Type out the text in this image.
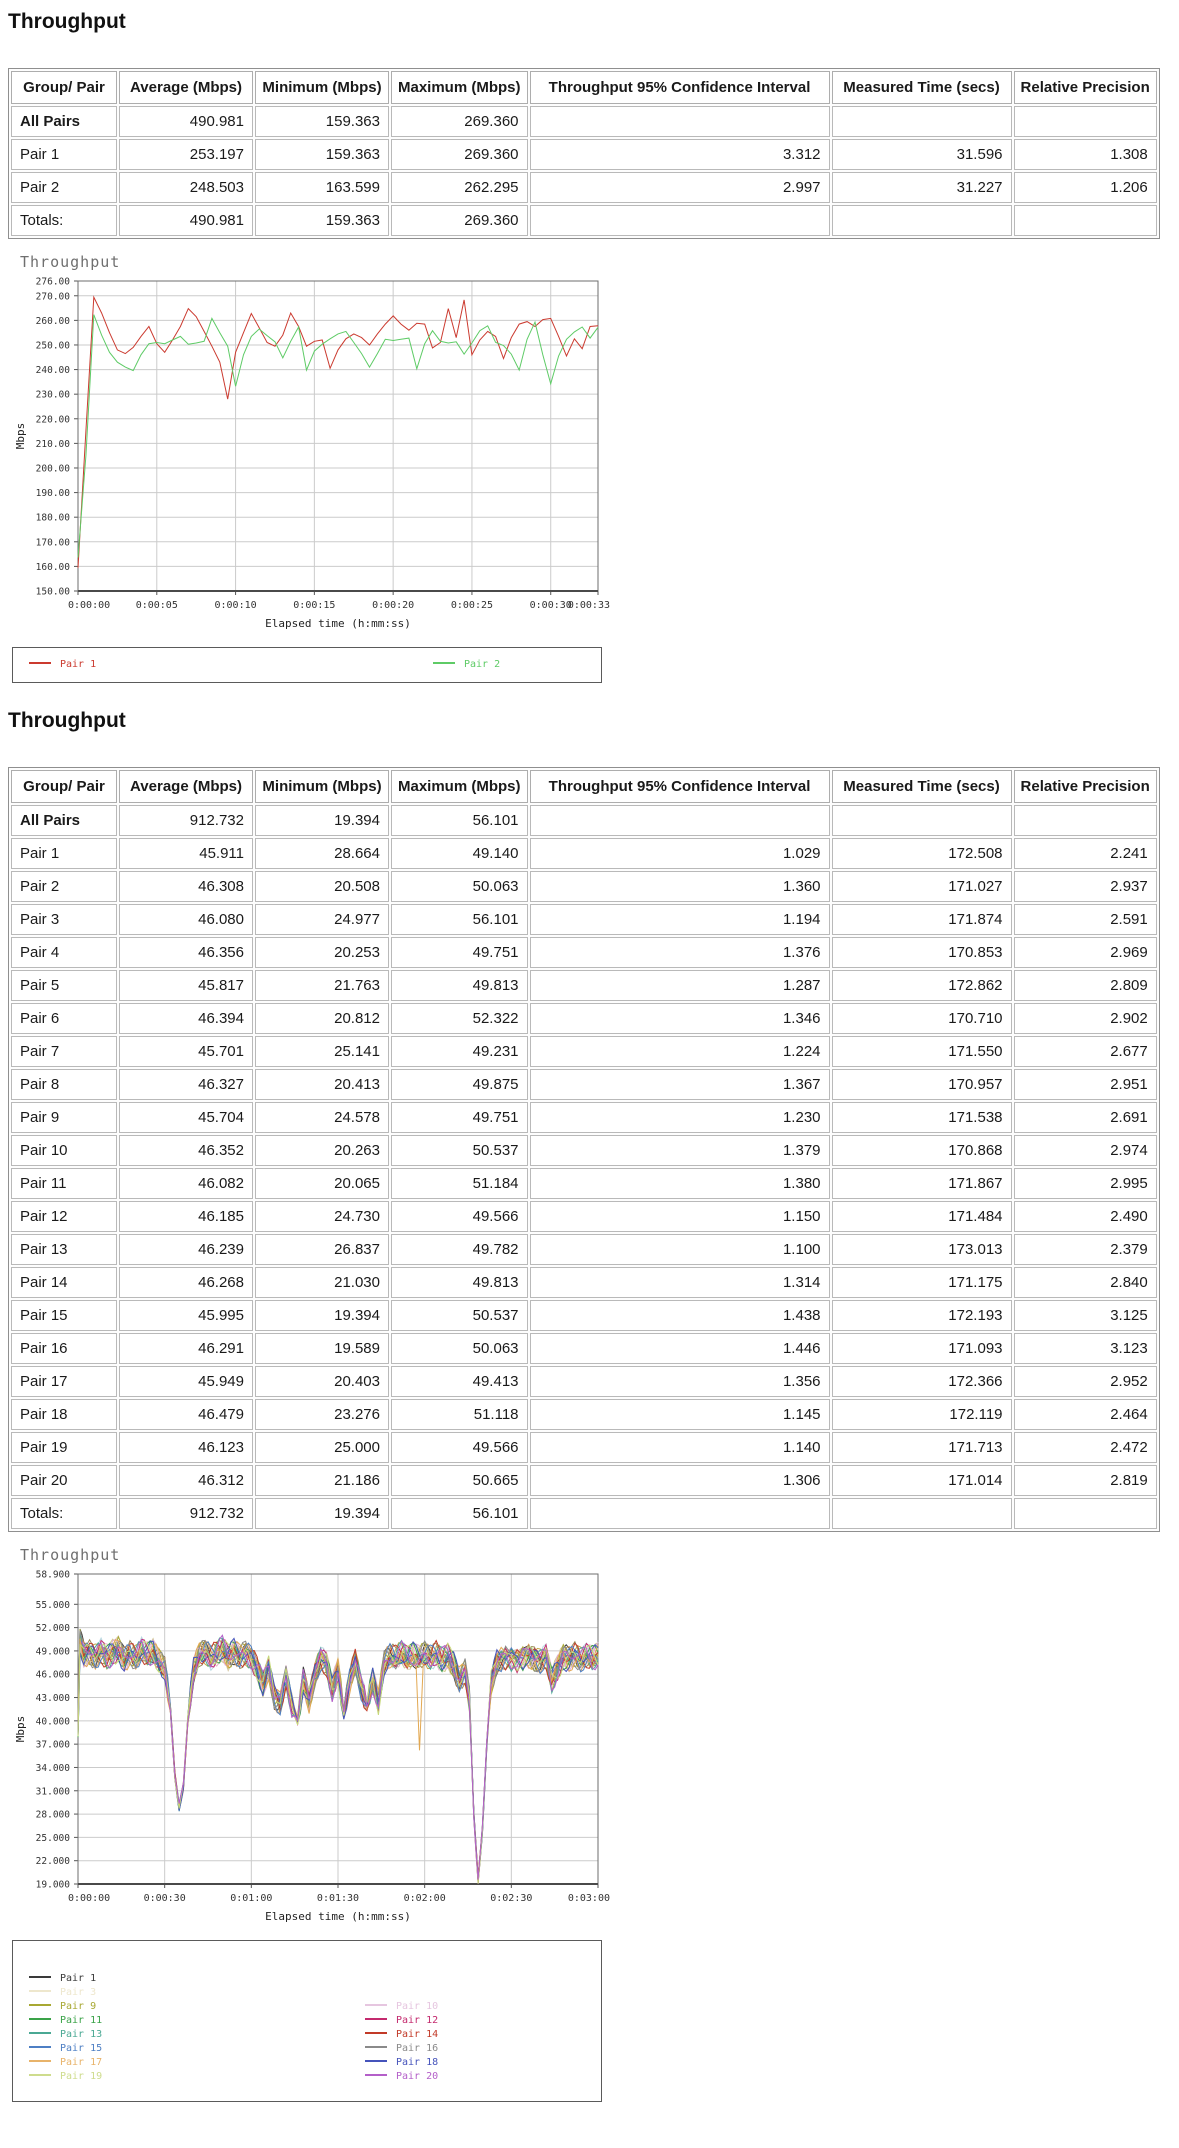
Throughput
Group/ Pair	Average (Mbps)	Minimum (Mbps)	Maximum (Mbps)	Throughput 95% Confidence Interval	Measured Time (secs)	Relative Precision
All Pairs	490.981	159.363	269.360			
Pair 1	253.197	159.363	269.360	3.312	31.596	1.308
Pair 2	248.503	163.599	262.295	2.997	31.227	1.206
Totals:	490.981	159.363	269.360			
Throughput
276.00
270.00
260.00
250.00
240.00
230.00
220.00
210.00
200.00
190.00
180.00
170.00
160.00
150.00
0:00:00	0:00:05	0:00:10	0:00:15	0:00:20	0:00:25	0:00:30
0:00:33
Mbps
Elapsed time (h:mm:ss)
Pair 1	Pair 2
Throughput
Group/ Pair	Average (Mbps)	Minimum (Mbps)	Maximum (Mbps)	Throughput 95% Confidence Interval	Measured Time (secs)	Relative Precision
All Pairs	912.732	19.394	56.101			
Pair 1	45.911	28.664	49.140	1.029	172.508	2.241
Pair 2	46.308	20.508	50.063	1.360	171.027	2.937
Pair 3	46.080	24.977	56.101	1.194	171.874	2.591
Pair 4	46.356	20.253	49.751	1.376	170.853	2.969
Pair 5	45.817	21.763	49.813	1.287	172.862	2.809
Pair 6	46.394	20.812	52.322	1.346	170.710	2.902
Pair 7	45.701	25.141	49.231	1.224	171.550	2.677
Pair 8	46.327	20.413	49.875	1.367	170.957	2.951
Pair 9	45.704	24.578	49.751	1.230	171.538	2.691
Pair 10	46.352	20.263	50.537	1.379	170.868	2.974
Pair 11	46.082	20.065	51.184	1.380	171.867	2.995
Pair 12	46.185	24.730	49.566	1.150	171.484	2.490
Pair 13	46.239	26.837	49.782	1.100	173.013	2.379
Pair 14	46.268	21.030	49.813	1.314	171.175	2.840
Pair 15	45.995	19.394	50.537	1.438	172.193	3.125
Pair 16	46.291	19.589	50.063	1.446	171.093	3.123
Pair 17	45.949	20.403	49.413	1.356	172.366	2.952
Pair 18	46.479	23.276	51.118	1.145	172.119	2.464
Pair 19	46.123	25.000	49.566	1.140	171.713	2.472
Pair 20	46.312	21.186	50.665	1.306	171.014	2.819
Totals:	912.732	19.394	56.101			
Throughput
58.900
55.000
52.000
49.000
46.000
43.000
40.000
37.000
34.000
31.000
28.000
25.000
22.000
19.000
0:00:00	0:00:30	0:01:00	0:01:30	0:02:00	0:02:30	0:03:00
Mbps
Elapsed time (h:mm:ss)
Pair 1
Pair 3
Pair 9	Pair 10
Pair 11	Pair 12
Pair 13	Pair 14
Pair 15	Pair 16
Pair 17	Pair 18
Pair 19	Pair 20
